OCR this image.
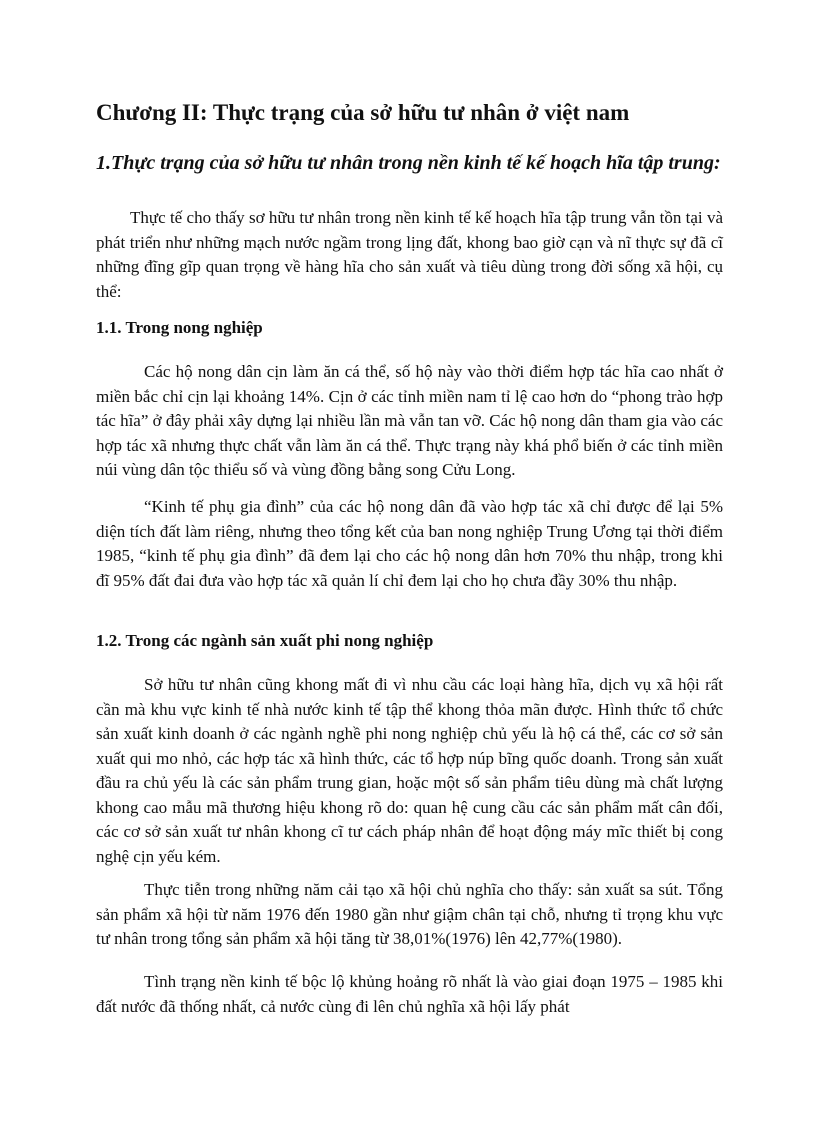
Chương II: Thực trạng của sở hữu tư nhân ở việt nam
1.Thực trạng của sở hữu tư nhân trong nền kinh tế kế hoạch hĩa tập trung:

Thực tế cho thấy sơ hữu tư nhân trong nền kinh tế kế hoạch hĩa tập trung vẫn tồn tại và phát triển như những mạch nước ngầm trong lịng đất, khong bao giờ cạn và nĩ thực sự đã cĩ những đĩng gĩp quan trọng về hàng hĩa cho sản xuất và tiêu dùng trong đời sống xã hội, cụ thể:

1.1. Trong nong nghiệp

Các hộ nong dân cịn làm ăn cá thể, số hộ này vào thời điểm hợp tác hĩa cao nhất ở miền bắc chỉ cịn lại khoảng 14%. Cịn ở các tỉnh miền nam tỉ lệ cao hơn do “phong trào hợp tác hĩa” ở đây phải xây dựng lại nhiều lần mà vẫn tan vỡ. Các hộ nong dân tham gia vào các hợp tác xã nhưng thực chất vẫn làm ăn cá thể. Thực trạng này khá phổ biến ở các tỉnh miền núi vùng dân tộc thiểu số và vùng đồng bằng song Cửu Long.

“Kinh tế phụ gia đình” của các hộ nong dân đã vào hợp tác xã chỉ được để lại 5% diện tích đất làm riêng, nhưng theo tổng kết của ban nong nghiệp Trung Ương tại thời điểm 1985, “kinh tế phụ gia đình” đã đem lại cho các hộ nong dân hơn 70% thu nhập, trong khi đĩ 95% đất đai đưa vào hợp tác xã quản lí chỉ đem lại cho họ chưa đầy 30% thu nhập.

1.2. Trong các ngành sản xuất phi nong nghiệp

Sở hữu tư nhân cũng khong mất đi vì nhu cầu các loại hàng hĩa, dịch vụ xã hội rất cần mà khu vực kinh tế nhà nước kinh tế tập thể khong thỏa mãn được. Hình thức tổ chức sản xuất kinh doanh ở các ngành nghề phi nong nghiệp chủ yếu là hộ cá thể, các cơ sở sản xuất qui mo nhỏ, các hợp tác xã hình thức, các tổ hợp núp bĩng quốc doanh. Trong sản xuất đầu ra chủ yếu là các sản phẩm trung gian, hoặc một số sản phẩm tiêu dùng mà chất lượng khong cao mẫu mã thương hiệu khong rõ do: quan hệ cung cầu các sản phẩm mất cân đối, các cơ sở sản xuất tư nhân khong cĩ tư cách pháp nhân để hoạt động máy mĩc thiết bị cong nghệ cịn yếu kém.

Thực tiễn trong những năm cải tạo xã hội chủ nghĩa cho thấy: sản xuất sa sút. Tổng sản phẩm xã hội từ năm 1976 đến 1980 gần như giậm chân tại chỗ, nhưng tỉ trọng khu vực tư nhân trong tổng sản phẩm xã hội tăng từ 38,01%(1976) lên 42,77%(1980).

Tình trạng nền kinh tế bộc lộ khủng hoảng rõ nhất là vào giai đoạn 1975 – 1985 khi đất nước đã thống nhất, cả nước cùng đi lên chủ nghĩa xã hội lấy phát
